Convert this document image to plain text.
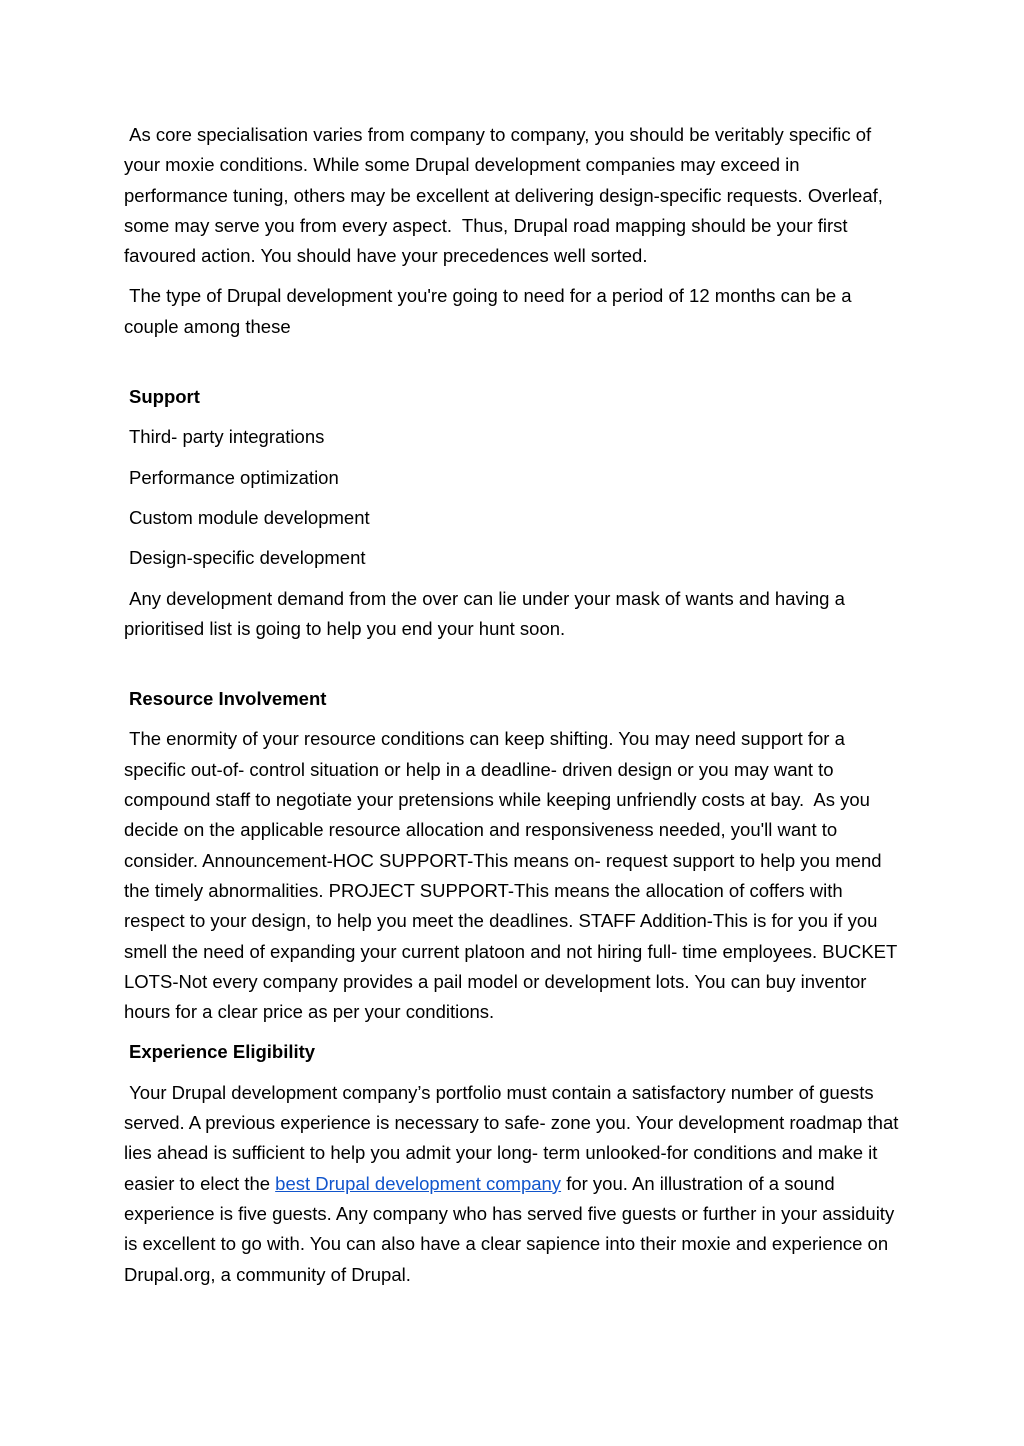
As core specialisation varies from company to company, you should be veritably specific of your moxie conditions. While some Drupal development companies may exceed in performance tuning, others may be excellent at delivering design-specific requests. Overleaf, some may serve you from every aspect.  Thus, Drupal road mapping should be your first favoured action. You should have your precedences well sorted.

The type of Drupal development you're going to need for a period of 12 months can be a couple among these

Support

Third- party integrations

Performance optimization

Custom module development

Design-specific development

Any development demand from the over can lie under your mask of wants and having a prioritised list is going to help you end your hunt soon.

Resource Involvement

The enormity of your resource conditions can keep shifting. You may need support for a specific out-of- control situation or help in a deadline- driven design or you may want to compound staff to negotiate your pretensions while keeping unfriendly costs at bay.  As you decide on the applicable resource allocation and responsiveness needed, you'll want to consider. Announcement-HOC SUPPORT-This means on- request support to help you mend the timely abnormalities. PROJECT SUPPORT-This means the allocation of coffers with respect to your design, to help you meet the deadlines. STAFF Addition-This is for you if you smell the need of expanding your current platoon and not hiring full- time employees. BUCKET LOTS-Not every company provides a pail model or development lots. You can buy inventor hours for a clear price as per your conditions.

Experience Eligibility

Your Drupal development company’s portfolio must contain a satisfactory number of guests served. A previous experience is necessary to safe- zone you. Your development roadmap that lies ahead is sufficient to help you admit your long- term unlooked-for conditions and make it easier to elect the best Drupal development company for you. An illustration of a sound experience is five guests. Any company who has served five guests or further in your assiduity is excellent to go with. You can also have a clear sapience into their moxie and experience on Drupal.org, a community of Drupal.
